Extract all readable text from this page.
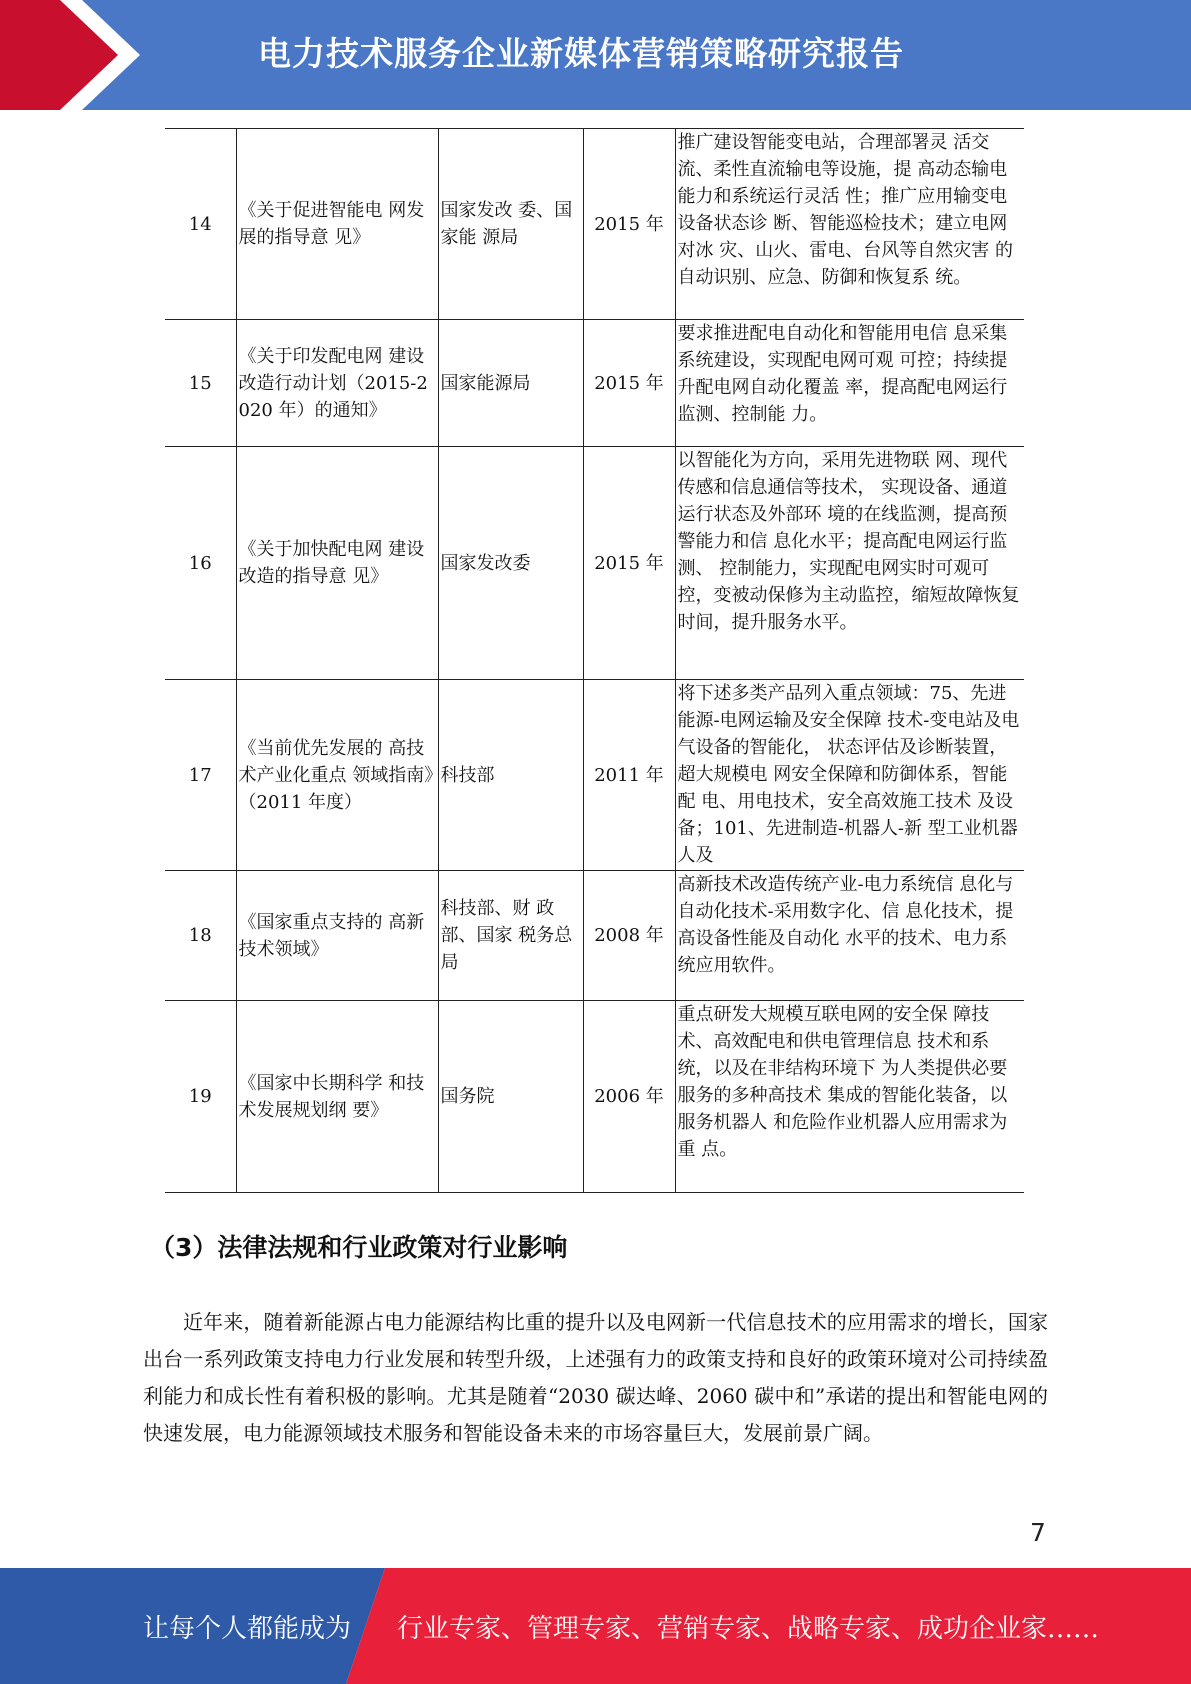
电力技术服务企业新媒体营销策略研究报告
14	《关于促进智能电 网发展的指导意 见》	国家发改 委、国家能 源局	2015 年	推广建设智能变电站，合理部署灵 活交流、柔性直流输电等设施，提 高动态输电能力和系统运行灵活 性；推广应用输变电设备状态诊 断、智能巡检技术；建立电网对冰 灾、山火、雷电、台风等自然灾害 的自动识别、应急、防御和恢复系 统。
15	《关于印发配电网 建设改造行动计划（2015-2020 年）的通知》	国家能源局	2015 年	要求推进配电自动化和智能用电信 息采集系统建设，实现配电网可观 可控；持续提升配电网自动化覆盖 率，提高配电网运行监测、控制能 力。
16	《关于加快配电网 建设改造的指导意 见》	国家发改委	2015 年	以智能化为方向，采用先进物联 网、现代传感和信息通信等技术， 实现设备、通道运行状态及外部环 境的在线监测，提高预警能力和信 息化水平；提高配电网运行监测、 控制能力，实现配电网实时可观可 控，变被动保修为主动监控，缩短故障恢复时间，提升服务水平。
17	《当前优先发展的 高技术产业化重点 领域指南》（2011 年度）	科技部	2011 年	将下述多类产品列入重点领域：75、先进能源-电网运输及安全保障 技术-变电站及电气设备的智能化， 状态评估及诊断装置，超大规模电 网安全保障和防御体系，智能配 电、用电技术，安全高效施工技术 及设备；101、先进制造-机器人-新 型工业机器人及
18	《国家重点支持的 高新技术领域》	科技部、财 政部、国家 税务总局	2008 年	高新技术改造传统产业-电力系统信 息化与自动化技术-采用数字化、信 息化技术，提高设备性能及自动化 水平的技术、电力系统应用软件。
19	《国家中长期科学 和技术发展规划纲 要》	国务院	2006 年	重点研发大规模互联电网的安全保 障技术、高效配电和供电管理信息 技术和系统，以及在非结构环境下 为人类提供必要服务的多种高技术 集成的智能化装备，以服务机器人 和危险作业机器人应用需求为重 点。
（3）法律法规和行业政策对行业影响

近年来，随着新能源占电力能源结构比重的提升以及电网新一代信息技术的应用需求的增长，国家出台一系列政策支持电力行业发展和转型升级，上述强有力的政策支持和良好的政策环境对公司持续盈利能力和成长性有着积极的影响。尤其是随着“2030 碳达峰、2060 碳中和”承诺的提出和智能电网的快速发展，电力能源领域技术服务和智能设备未来的市场容量巨大，发展前景广阔。

7
让每个人都能成为 行业专家、管理专家、营销专家、战略专家、成功企业家……
